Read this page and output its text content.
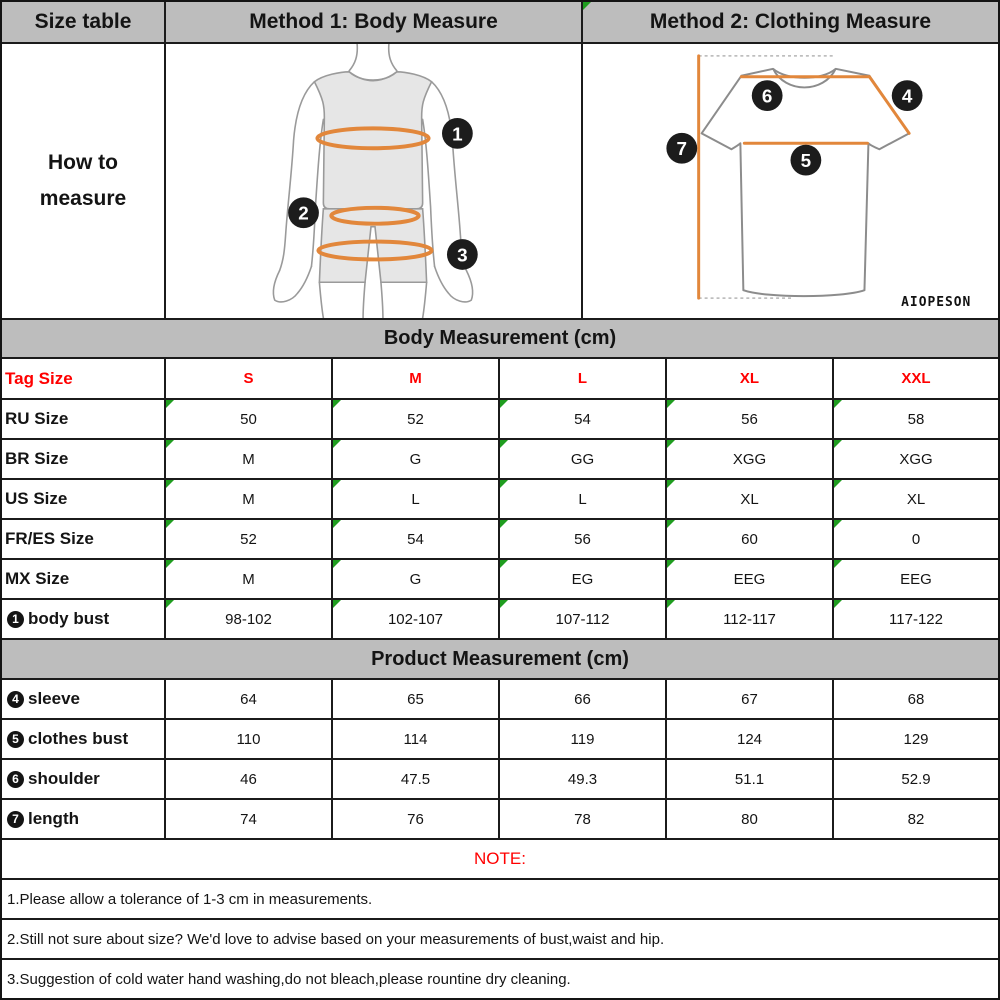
Size table	Method 1: Body Measure	Method 2: Clothing Measure
How to measure
1
2
3
4
5
6
7
AIOPESON
Body Measurement (cm)
Tag Size	S	M	L	XL	XXL
RU Size	50	52	54	56	58
BR Size	M	G	GG	XGG	XGG
US Size	M	L	L	XL	XL
FR/ES Size	52	54	56	60	0
MX Size	M	G	EG	EEG	EEG
1 body bust	98-102	102-107	107-112	112-117	117-122
Product Measurement (cm)
4 sleeve	64	65	66	67	68
5 clothes bust	110	114	119	124	129
6 shoulder	46	47.5	49.3	51.1	52.9
7 length	74	76	78	80	82
NOTE:
1.Please allow a tolerance of 1-3 cm in measurements.
2.Still not sure about size? We'd love to advise based on your measurements of bust,waist and hip.
3.Suggestion of cold water hand washing,do not bleach,please rountine dry cleaning.
